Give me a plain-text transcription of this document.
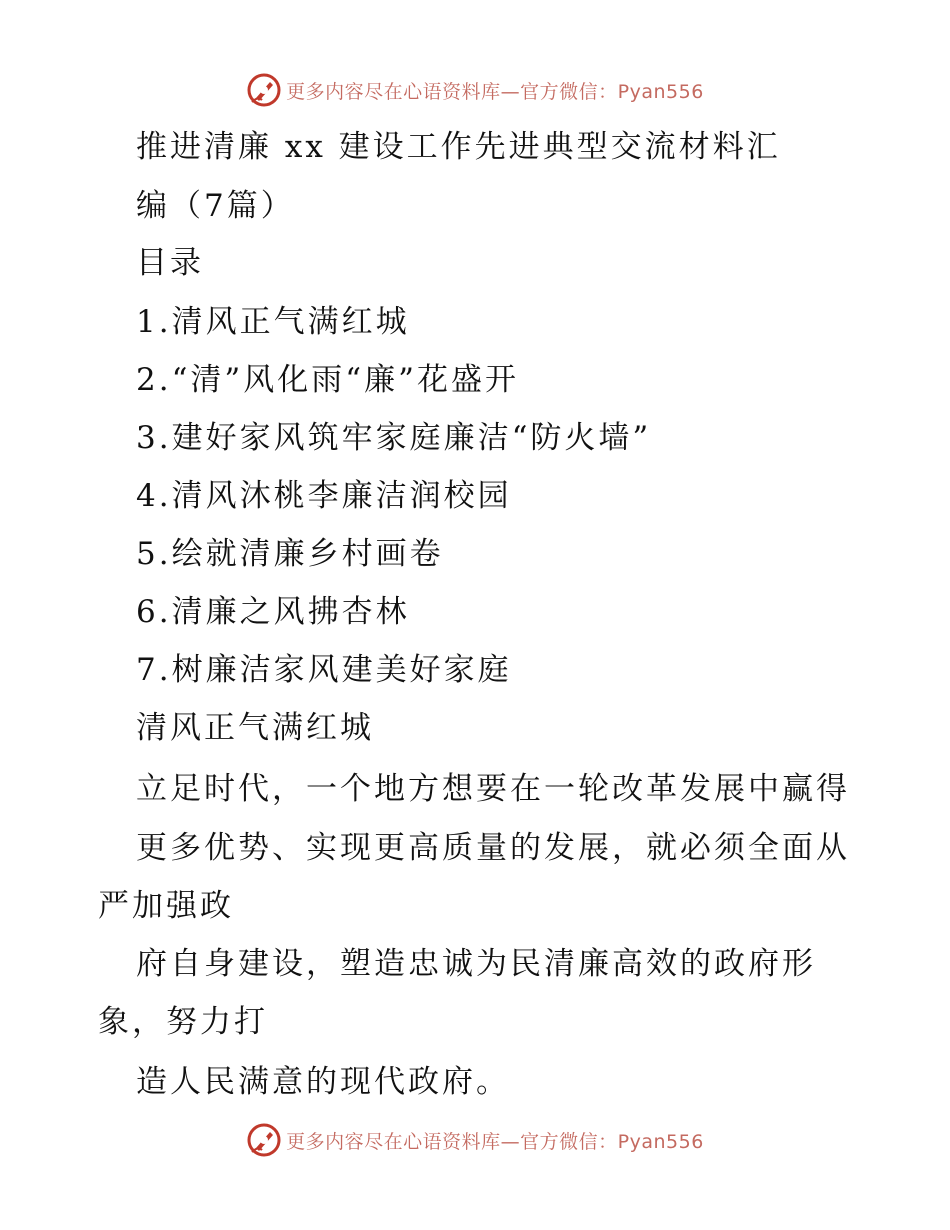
更多内容尽在心语资料库—官方微信：Pyan556
推进清廉 xx 建设工作先进典型交流材料汇
编（7篇）
目录
1.清风正气满红城
2.“清”风化雨“廉”花盛开
3.建好家风筑牢家庭廉洁“防火墙”
4.清风沐桃李廉洁润校园
5.绘就清廉乡村画卷
6.清廉之风拂杏林
7.树廉洁家风建美好家庭
清风正气满红城
立足时代，一个地方想要在一轮改革发展中赢得
更多优势、实现更高质量的发展，就必须全面从
严加强政
府自身建设，塑造忠诚为民清廉高效的政府形
象，努力打
造人民满意的现代政府。
更多内容尽在心语资料库—官方微信：Pyan556
